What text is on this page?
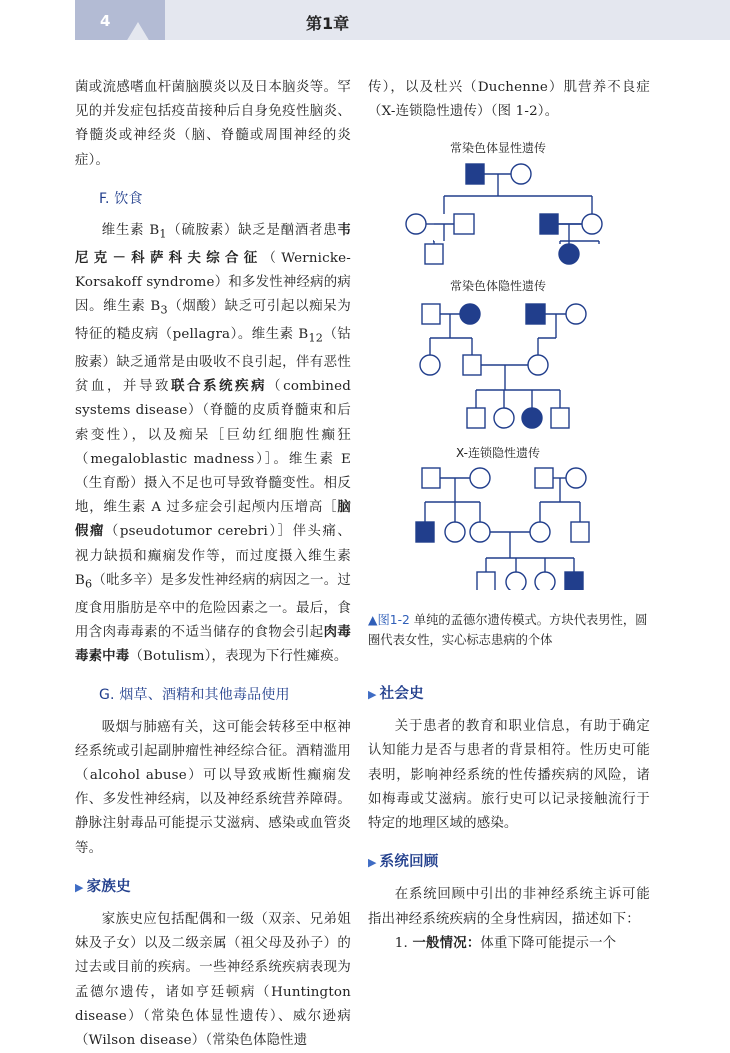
4	第1章

菌或流感嗜血杆菌脑膜炎以及日本脑炎等。罕见的并发症包括疫苗接种后自身免疫性脑炎、脊髓炎或神经炎（脑、脊髓或周围神经的炎症）。

F. 饮食

维生素 $B_1$（硫胺素）缺乏是酗酒者患韦尼克－科萨科夫综合征（Wernicke-Korsakoff syndrome）和多发性神经病的病因。维生素 $B_3$（烟酸）缺乏可引起以痴呆为特征的糙皮病（pellagra）。维生素 $B_{12}$（钴胺素）缺乏通常是由吸收不良引起，伴有恶性贫血，并导致联合系统疾病（combined systems disease）（脊髓的皮质脊髓束和后索变性），以及痴呆［巨幼红细胞性癫狂（megaloblastic madness）］。维生素 E（生育酚）摄入不足也可导致脊髓变性。相反地，维生素 A 过多症会引起颅内压增高［脑假瘤（pseudotumor cerebri）］伴头痛、视力缺损和癫痫发作等，而过度摄入维生素 $B_6$（吡多辛）是多发性神经病的病因之一。过度食用脂肪是卒中的危险因素之一。最后，食用含肉毒毒素的不适当储存的食物会引起肉毒毒素中毒（Botulism），表现为下行性瘫痪。

G. 烟草、酒精和其他毒品使用

吸烟与肺癌有关，这可能会转移至中枢神经系统或引起副肿瘤性神经综合征。酒精滥用（alcohol abuse）可以导致戒断性癫痫发作、多发性神经病，以及神经系统营养障碍。静脉注射毒品可能提示艾滋病、感染或血管炎等。

▶ 家族史

家族史应包括配偶和一级（双亲、兄弟姐妹及子女）以及二级亲属（祖父母及孙子）的过去或目前的疾病。一些神经系统疾病表现为孟德尔遗传，诸如亨廷顿病（Huntington disease）（常染色体显性遗传）、威尔逊病（Wilson disease）（常染色体隐性遗

传），以及杜兴（Duchenne）肌营养不良症（X-连锁隐性遗传）（图 1-2）。

常染色体显性遗传
常染色体隐性遗传
X-连锁隐性遗传
▲图1-2 单纯的孟德尔遗传模式。方块代表男性，圆圈代表女性，实心标志患病的个体

▶ 社会史

关于患者的教育和职业信息，有助于确定认知能力是否与患者的背景相符。性历史可能表明，影响神经系统的性传播疾病的风险，诸如梅毒或艾滋病。旅行史可以记录接触流行于特定的地理区域的感染。

▶ 系统回顾

在系统回顾中引出的非神经系统主诉可能指出神经系统疾病的全身性病因，描述如下：

1. 一般情况：体重下降可能提示一个
